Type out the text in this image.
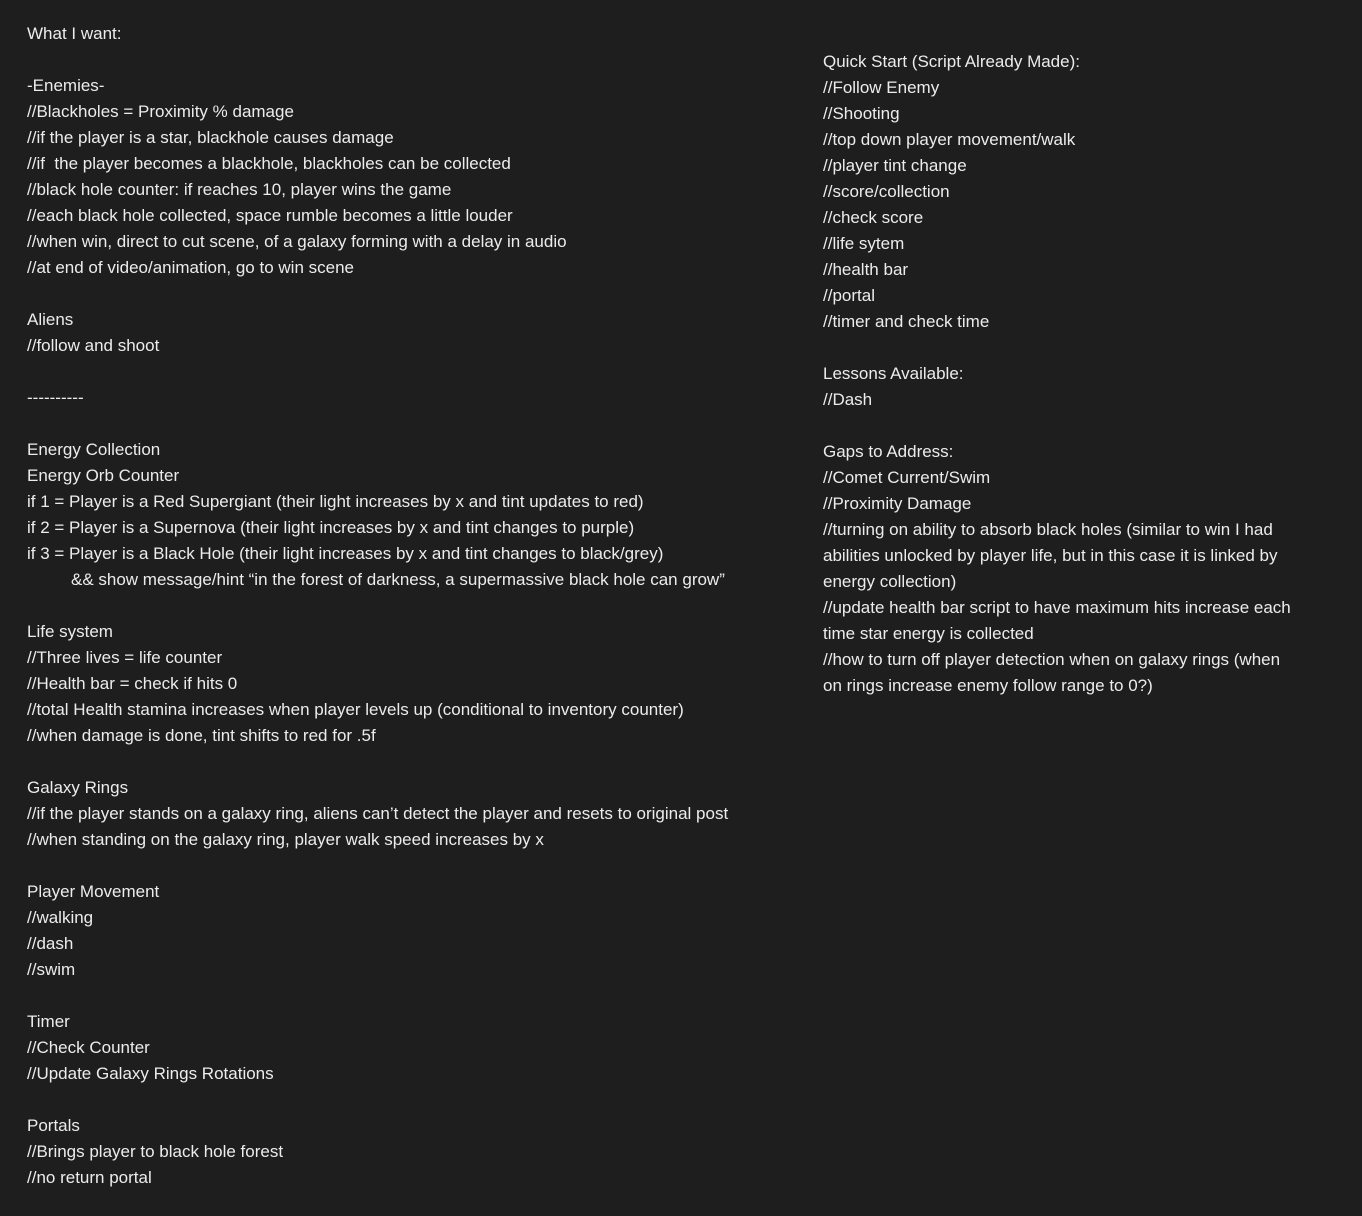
What I want:
-Enemies-
//Blackholes = Proximity % damage
//if the player is a star, blackhole causes damage
//if  the player becomes a blackhole, blackholes can be collected
//black hole counter: if reaches 10, player wins the game
//each black hole collected, space rumble becomes a little louder
//when win, direct to cut scene, of a galaxy forming with a delay in audio
//at end of video/animation, go to win scene
Aliens
//follow and shoot
----------
Energy Collection
Energy Orb Counter
if 1 = Player is a Red Supergiant (their light increases by x and tint updates to red)
if 2 = Player is a Supernova (their light increases by x and tint changes to purple)
if 3 = Player is a Black Hole (their light increases by x and tint changes to black/grey)
&& show message/hint “in the forest of darkness, a supermassive black hole can grow”
Life system
//Three lives = life counter
//Health bar = check if hits 0
//total Health stamina increases when player levels up (conditional to inventory counter)
//when damage is done, tint shifts to red for .5f
Galaxy Rings
//if the player stands on a galaxy ring, aliens can’t detect the player and resets to original post
//when standing on the galaxy ring, player walk speed increases by x
Player Movement
//walking
//dash
//swim
Timer
//Check Counter
//Update Galaxy Rings Rotations
Portals
//Brings player to black hole forest
//no return portal
Quick Start (Script Already Made):
//Follow Enemy
//Shooting
//top down player movement/walk
//player tint change
//score/collection
//check score
//life sytem
//health bar
//portal
//timer and check time
Lessons Available:
//Dash
Gaps to Address:
//Comet Current/Swim
//Proximity Damage
//turning on ability to absorb black holes (similar to win I had
abilities unlocked by player life, but in this case it is linked by
energy collection)
//update health bar script to have maximum hits increase each
time star energy is collected
//how to turn off player detection when on galaxy rings (when
on rings increase enemy follow range to 0?)
